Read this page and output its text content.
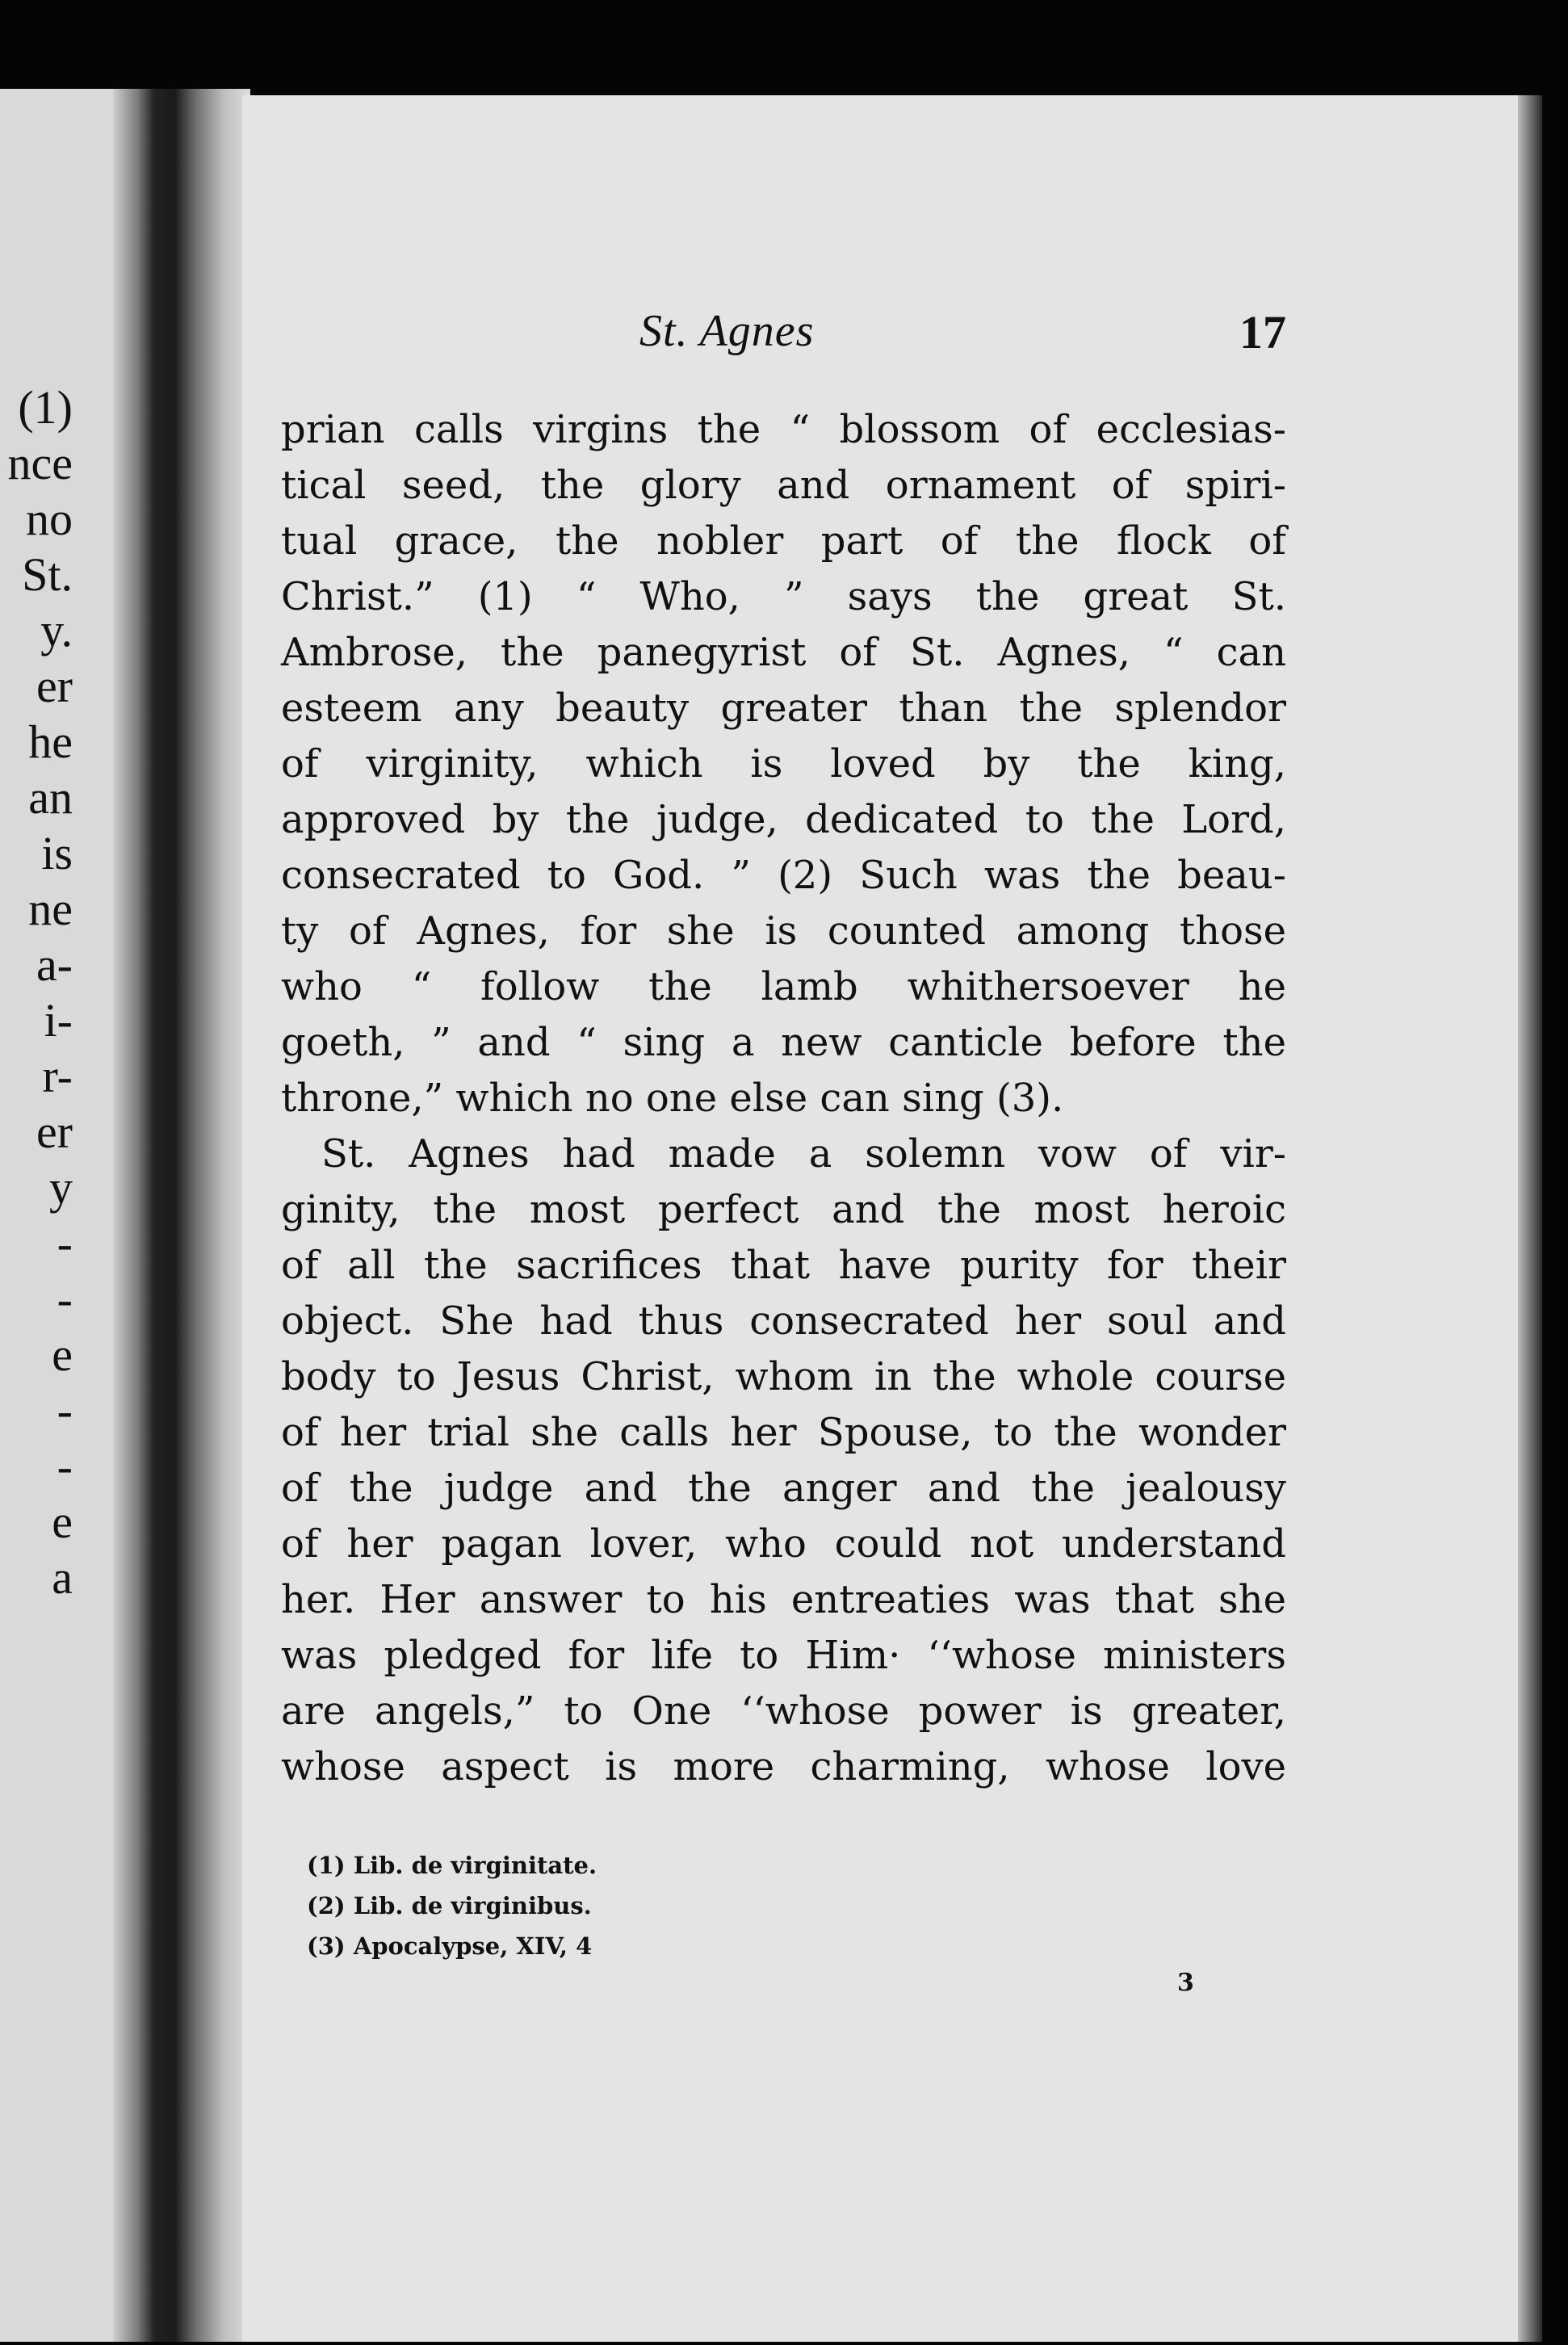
(1)
nce
no
St.
y.
er
he
an
is
ne
a-
i-
r-
er
y
-
-
e
-
-
e
a
St. Agnes	17
prian calls virgins the “ blossom of ecclesias-
tical seed, the glory and ornament of spiri-
tual grace, the nobler part of the flock of
Christ.” (1) “ Who, ” says the great St.
Ambrose, the panegyrist of St. Agnes, “ can
esteem any beauty greater than the splendor
of virginity, which is loved by the king,
approved by the judge, dedicated to the Lord,
consecrated to God. ” (2) Such was the beau-
ty of Agnes, for she is counted among those
who “ follow the lamb whithersoever he
goeth, ” and “ sing a new canticle before the
throne,” which no one else can sing (3).
St. Agnes had made a solemn vow of vir-
ginity, the most perfect and the most heroic
of all the sacrifices that have purity for their
object. She had thus consecrated her soul and
body to Jesus Christ, whom in the whole course
of her trial she calls her Spouse, to the wonder
of the judge and the anger and the jealousy
of her pagan lover, who could not understand
her. Her answer to his entreaties was that she
was pledged for life to Him· ‘‘whose ministers
are angels,” to One ‘‘whose power is greater,
whose aspect is more charming, whose love
(1) Lib. de virginitate.
(2) Lib. de virginibus.
(3) Apocalypse, XIV, 4
3
